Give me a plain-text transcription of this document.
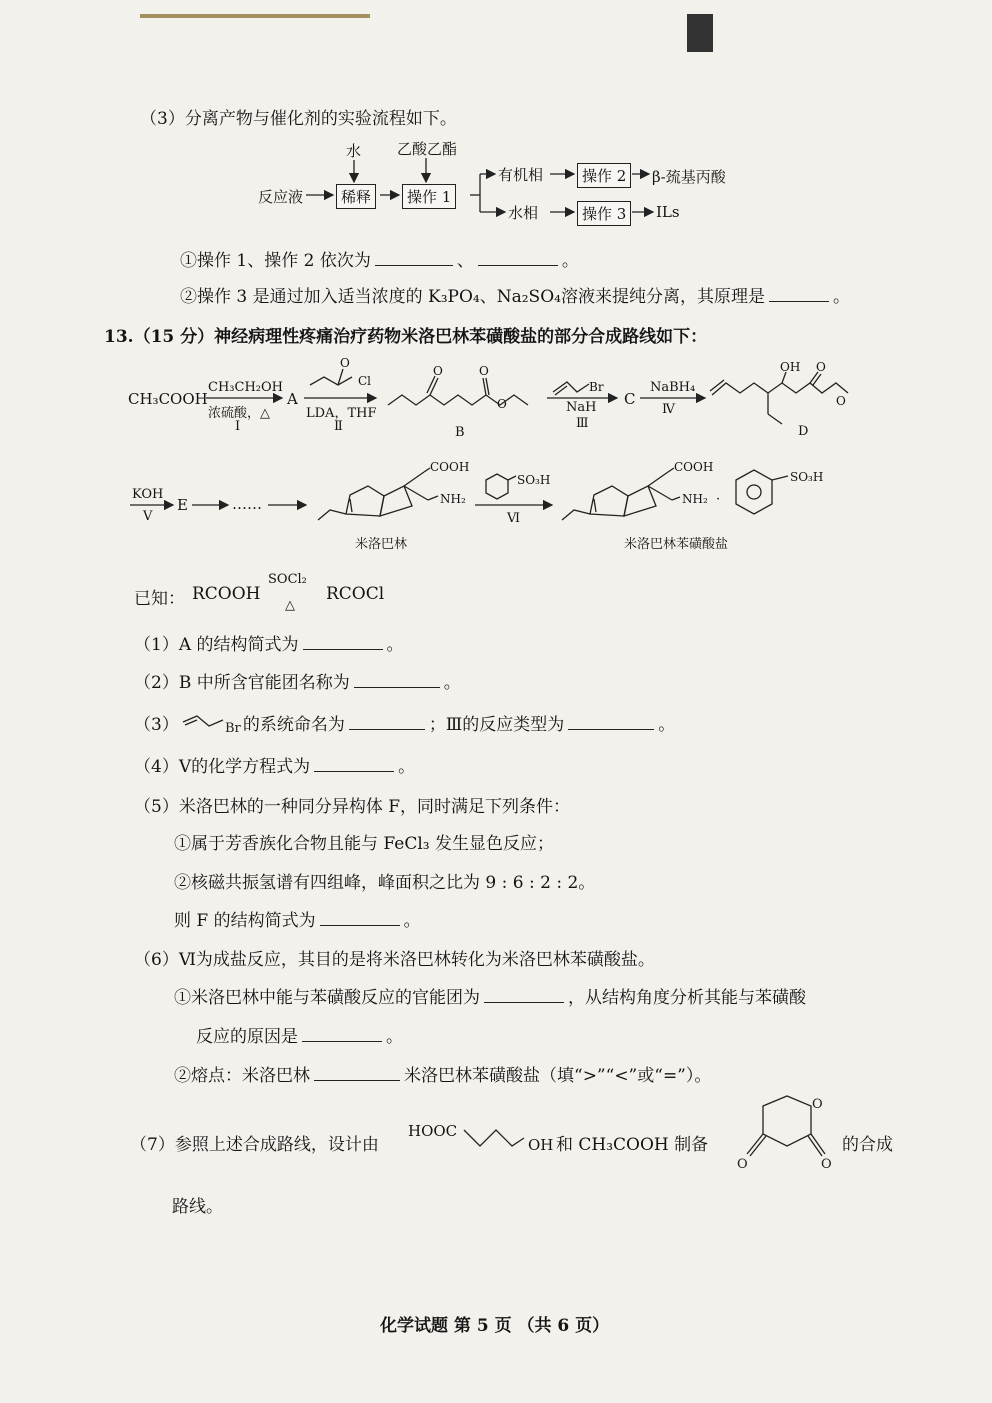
（3）分离产物与催化剂的实验流程如下。
水 乙酸乙酯
反应液	稀释	操作 1
有机相	操作 2	β-巯基丙酸
水相	操作 3	ILs
①操作 1、操作 2 依次为	、	。
②操作 3 是通过加入适当浓度的 K₃PO₄、Na₂SO₄溶液来提纯分离，其原理是	。
13.（15 分）神经病理性疼痛治疗药物米洛巴林苯磺酸盐的部分合成路线如下：
CH₃COOH
CH₃CH₂OH
浓硫酸，△
Ⅰ
A
LDA，THF
Ⅱ
Cl
O
O	O
O
B
Br
NaH
Ⅲ
C
NaBH₄
Ⅳ
OH O
O
D
KOH
Ⅴ
E	……
COOH
NH₂
米洛巴林
SO₃H
Ⅵ
COOH
NH₂ ·
SO₃H
米洛巴林苯磺酸盐
已知： RCOOH
SOCl₂
△
RCOCl
（1）A 的结构简式为	。
（2）B 中所含官能团名称为	。
（3）	Br 的系统命名为	；Ⅲ的反应类型为	。
（4）Ⅴ的化学方程式为	。
（5）米洛巴林的一种同分异构体 F，同时满足下列条件：
①属于芳香族化合物且能与 FeCl₃ 发生显色反应；
②核磁共振氢谱有四组峰，峰面积之比为 9 : 6 : 2 : 2。
则 F 的结构简式为	。
（6）Ⅵ为成盐反应，其目的是将米洛巴林转化为米洛巴林苯磺酸盐。
①米洛巴林中能与苯磺酸反应的官能团为	，从结构角度分析其能与苯磺酸
反应的原因是	。
②熔点：米洛巴林	米洛巴林苯磺酸盐（填“>”“<”或“=”）。
（7）参照上述合成路线，设计由
HOOC
OH 和 CH₃COOH 制备
O
O	O
的合成
路线。
化学试题 第 5 页 （共 6 页）
